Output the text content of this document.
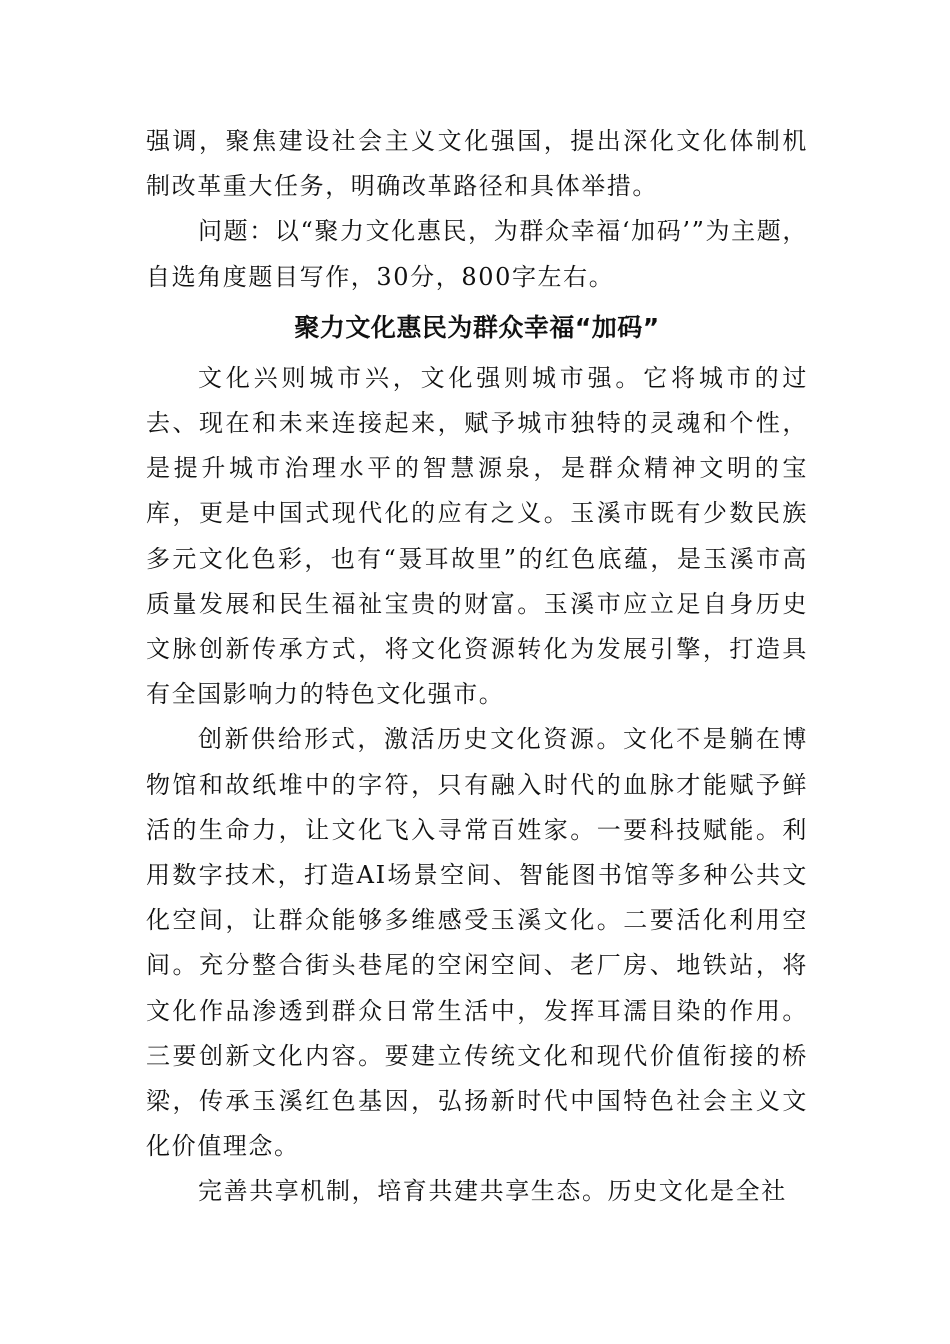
强调，聚焦建设社会主义文化强国，提出深化文化体制机制改革重大任务，明确改革路径和具体举措。

问题：以“聚力文化惠民，为群众幸福‘加码’”为主题，自选角度题目写作，30分，800字左右。

聚力文化惠民为群众幸福“加码”

文化兴则城市兴，文化强则城市强。它将城市的过去、现在和未来连接起来，赋予城市独特的灵魂和个性，是提升城市治理水平的智慧源泉，是群众精神文明的宝库，更是中国式现代化的应有之义。玉溪市既有少数民族多元文化色彩，也有“聂耳故里”的红色底蕴，是玉溪市高质量发展和民生福祉宝贵的财富。玉溪市应立足自身历史文脉创新传承方式，将文化资源转化为发展引擎，打造具有全国影响力的特色文化强市。

创新供给形式，激活历史文化资源。文化不是躺在博物馆和故纸堆中的字符，只有融入时代的血脉才能赋予鲜活的生命力，让文化飞入寻常百姓家。一要科技赋能。利用数字技术，打造AI场景空间、智能图书馆等多种公共文化空间，让群众能够多维感受玉溪文化。二要活化利用空间。充分整合街头巷尾的空闲空间、老厂房、地铁站，将文化作品渗透到群众日常生活中，发挥耳濡目染的作用。三要创新文化内容。要建立传统文化和现代价值衔接的桥梁，传承玉溪红色基因，弘扬新时代中国特色社会主义文化价值理念。

完善共享机制，培育共建共享生态。历史文化是全社
